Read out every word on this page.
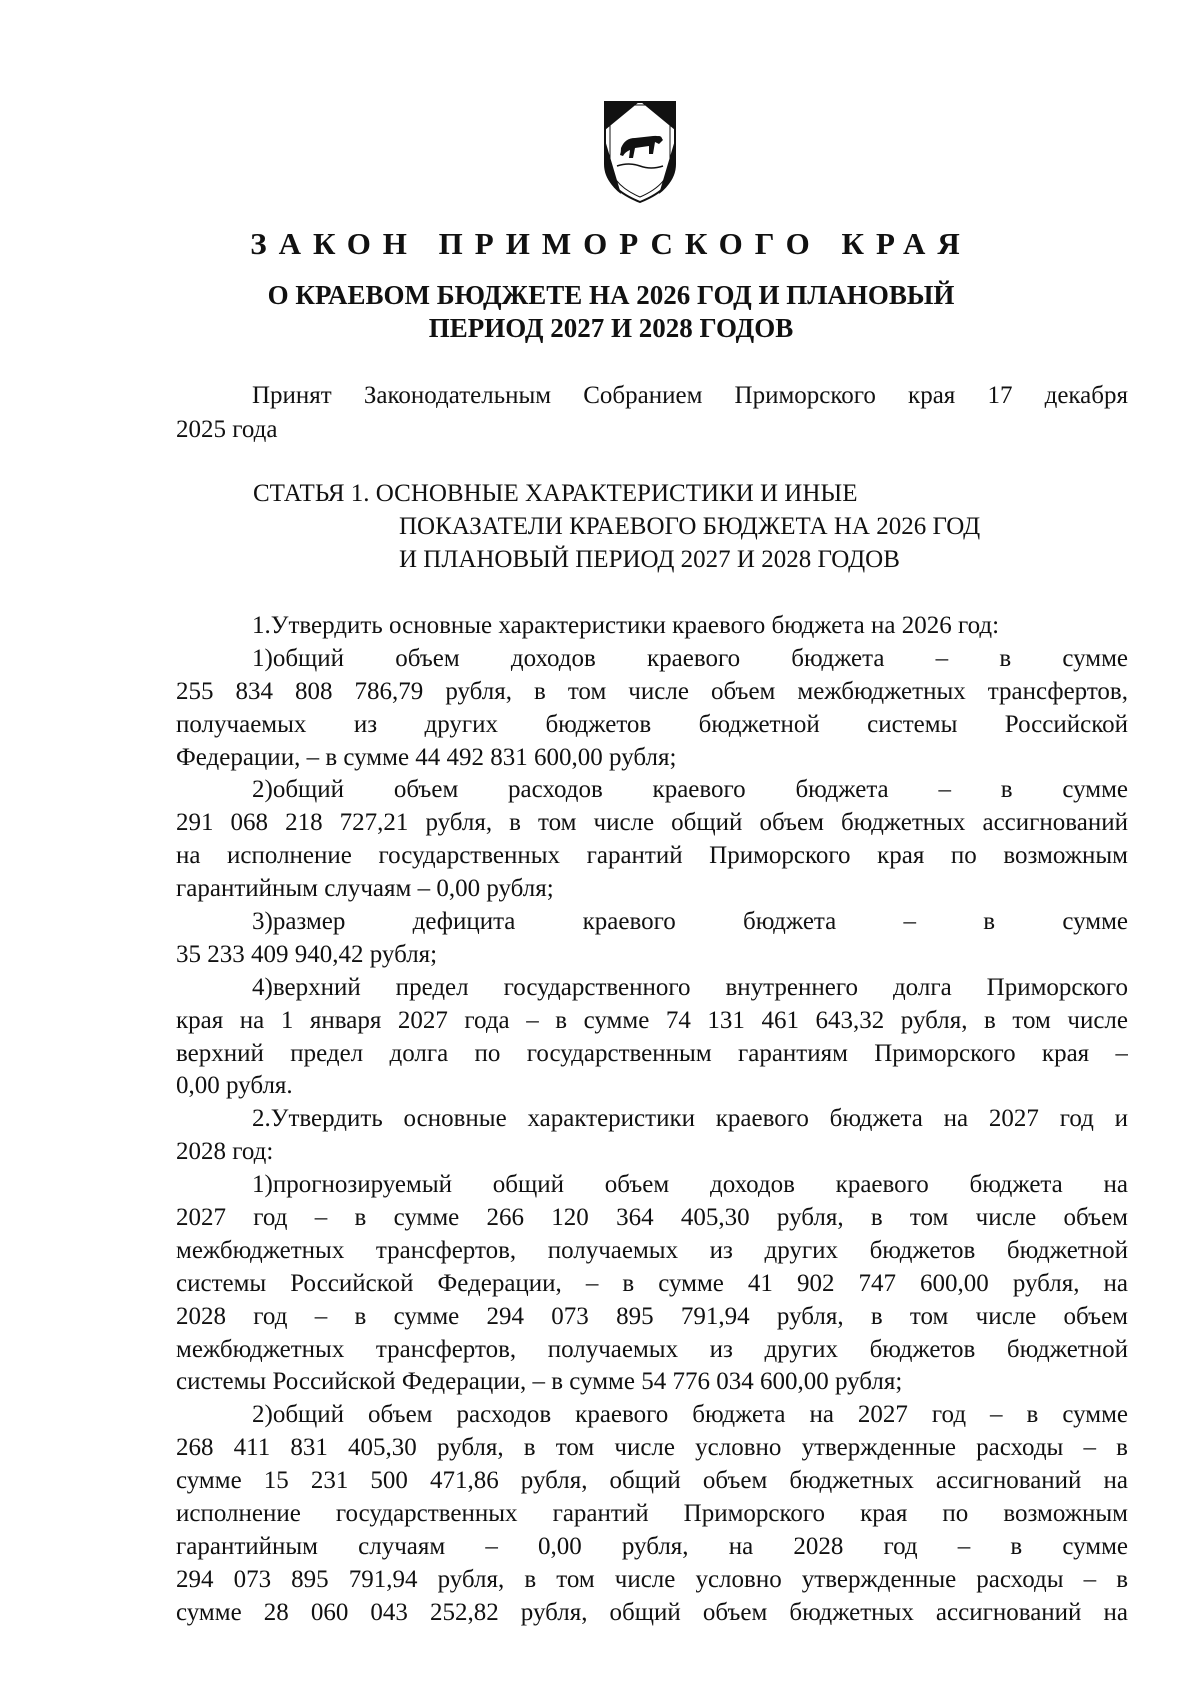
ЗАКОН ПРИМОРСКОГО КРАЯ
О КРАЕВОМ БЮДЖЕТЕ НА 2026 ГОД И ПЛАНОВЫЙ
ПЕРИОД 2027 И 2028 ГОДОВ

Принят Законодательным Собранием Приморского края 17 декабря
2025 года

СТАТЬЯ 1. ОСНОВНЫЕ ХАРАКТЕРИСТИКИ И ИНЫЕ
ПОКАЗАТЕЛИ КРАЕВОГО БЮДЖЕТА НА 2026 ГОД
И ПЛАНОВЫЙ ПЕРИОД 2027 И 2028 ГОДОВ
1.Утвердить основные характеристики краевого бюджета на 2026 год:
1)общий объем доходов краевого бюджета – в сумме
255 834 808 786,79 рубля, в том числе объем межбюджетных трансфертов,
получаемых из других бюджетов бюджетной системы Российской
Федерации, – в сумме 44 492 831 600,00 рубля;
2)общий объем расходов краевого бюджета – в сумме
291 068 218 727,21 рубля, в том числе общий объем бюджетных ассигнований
на исполнение государственных гарантий Приморского края по возможным
гарантийным случаям – 0,00 рубля;
3)размер дефицита краевого бюджета – в сумме
35 233 409 940,42 рубля;
4)верхний предел государственного внутреннего долга Приморского
края на 1 января 2027 года – в сумме 74 131 461 643,32 рубля, в том числе
верхний предел долга по государственным гарантиям Приморского края –
0,00 рубля.
2.Утвердить основные характеристики краевого бюджета на 2027 год и
2028 год:
1)прогнозируемый общий объем доходов краевого бюджета на
2027 год – в сумме 266 120 364 405,30 рубля, в том числе объем
межбюджетных трансфертов, получаемых из других бюджетов бюджетной
системы Российской Федерации, – в сумме 41 902 747 600,00 рубля, на
2028 год – в сумме 294 073 895 791,94 рубля, в том числе объем
межбюджетных трансфертов, получаемых из других бюджетов бюджетной
системы Российской Федерации, – в сумме 54 776 034 600,00 рубля;
2)общий объем расходов краевого бюджета на 2027 год – в сумме
268 411 831 405,30 рубля, в том числе условно утвержденные расходы – в
сумме 15 231 500 471,86 рубля, общий объем бюджетных ассигнований на
исполнение государственных гарантий Приморского края по возможным
гарантийным случаям – 0,00 рубля, на 2028 год – в сумме
294 073 895 791,94 рубля, в том числе условно утвержденные расходы – в
сумме 28 060 043 252,82 рубля, общий объем бюджетных ассигнований на
